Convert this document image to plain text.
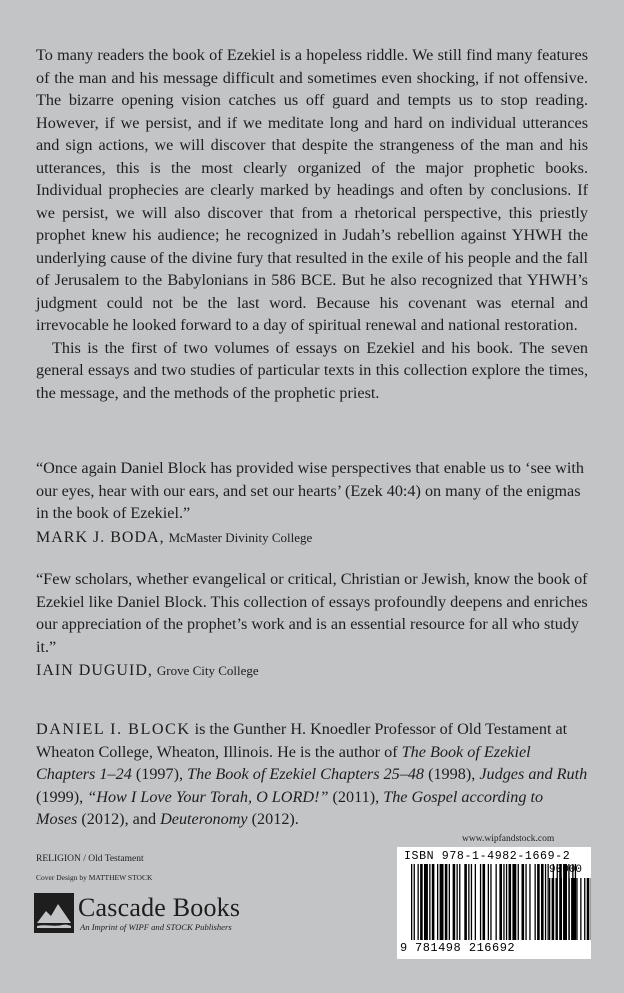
To many readers the book of Ezekiel is a hopeless riddle. We still find many features of the man and his message difficult and sometimes even shocking, if not offensive. The bizarre opening vision catches us off guard and tempts us to stop reading. However, if we persist, and if we meditate long and hard on individual utterances and sign actions, we will discover that despite the strangeness of the man and his utterances, this is the most clearly organized of the major prophetic books. Individual prophecies are clearly marked by headings and often by conclusions. If we persist, we will also discover that from a rhetorical perspective, this priestly prophet knew his audience; he recognized in Judah’s rebellion against YHWH the underlying cause of the divine fury that resulted in the exile of his people and the fall of Jerusalem to the Babylonians in 586 BCE. But he also recognized that YHWH’s judgment could not be the last word. Because his covenant was eternal and irrevocable he looked forward to a day of spiritual renewal and national restoration.

This is the first of two volumes of essays on Ezekiel and his book. The seven general essays and two studies of particular texts in this collection explore the times, the message, and the methods of the prophetic priest.

“Once again Daniel Block has provided wise perspectives that enable us to ‘see with our eyes, hear with our ears, and set our hearts’ (Ezek 40:4) on many of the enigmas in the book of Ezekiel.”

MARK J. BODA, McMaster Divinity College

“Few scholars, whether evangelical or critical, Christian or Jewish, know the book of Ezekiel like Daniel Block. This collection of essays profoundly deepens and enriches our appreciation of the prophet’s work and is an essential resource for all who study it.”

IAIN DUGUID, Grove City College

DANIEL I. BLOCK is the Gunther H. Knoedler Professor of Old Testament at Wheaton College, Wheaton, Illinois. He is the author of The Book of Ezekiel Chapters 1–24 (1997), The Book of Ezekiel Chapters 25–48 (1998), Judges and Ruth (1999), “How I Love Your Torah, O LORD!” (2011), The Gospel according to Moses (2012), and Deuteronomy (2012).
www.wipfandstock.com
RELIGION / Old Testament
Cover Design by MATTHEW STOCK
Cascade Books
An Imprint of WIPF and STOCK Publishers
ISBN 978-1-4982-1669-2
90000
9 781498 216692
